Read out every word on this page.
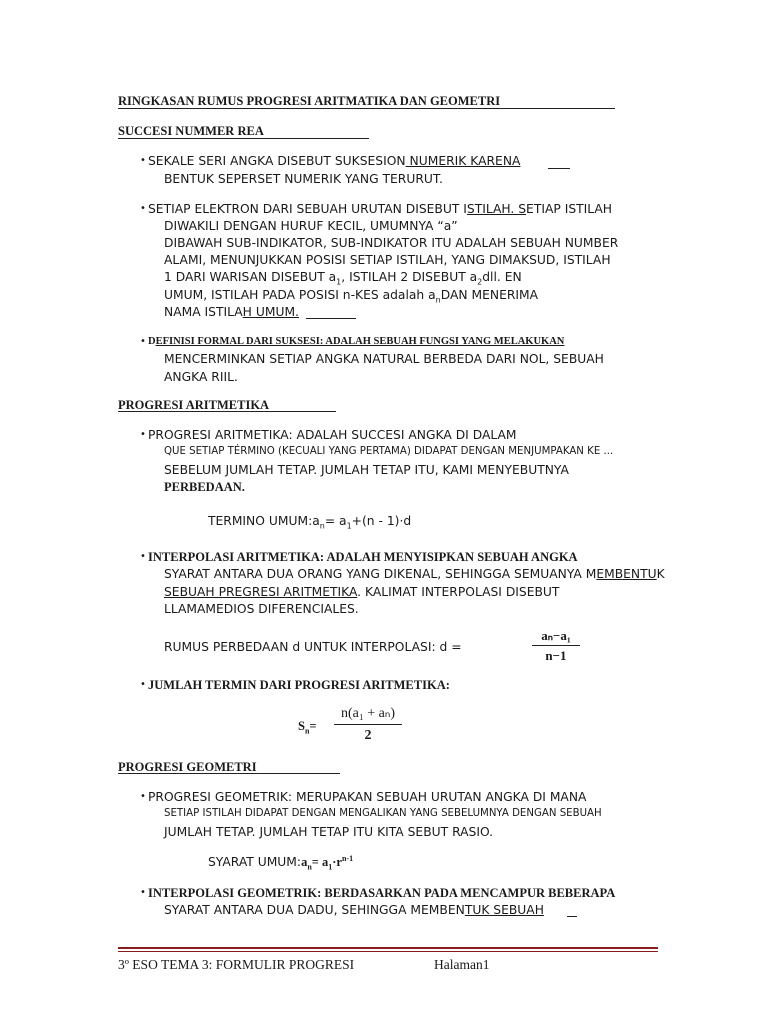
RINGKASAN RUMUS PROGRESI ARITMATIKA DAN GEOMETRI
SUCCESI NUMMER REA
• SEKALE SERI ANGKA DISEBUT SUKSESION NUMERIK KARENA
BENTUK SEPERSET NUMERIK YANG TERURUT.
• SETIAP ELEKTRON DARI SEBUAH URUTAN DISEBUT ISTILAH. SETIAP ISTILAH
DIWAKILI DENGAN HURUF KECIL, UMUMNYA “a”
DIBAWAH SUB-INDIKATOR, SUB-INDIKATOR ITU ADALAH SEBUAH NUMBER
ALAMI, MENUNJUKKAN POSISI SETIAP ISTILAH, YANG DIMAKSUD, ISTILAH
1 DARI WARISAN DISEBUT $a_1$, ISTILAH 2 DISEBUT $a_2dll$. EN
UMUM, ISTILAH PADA POSISI n-KES adalah $a_nDAN$ MENERIMA
NAMA ISTILAH UMUM.
• DEFINISI FORMAL DARI SUKSESI: ADALAH SEBUAH FUNGSI YANG MELAKUKAN
MENCERMINKAN SETIAP ANGKA NATURAL BERBEDA DARI NOL, SEBUAH
ANGKA RIIL.
PROGRESI ARITMETIKA
• PROGRESI ARITMETIKA: ADALAH SUCCESI ANGKA DI DALAM
QUE SETIAP TÉRMINO (KECUALI YANG PERTAMA) DIDAPAT DENGAN MENJUMPAKAN KE ...
SEBELUM JUMLAH TETAP. JUMLAH TETAP ITU, KAMI MENYEBUTNYA
PERBEDAAN.
TERMINO $UMUM:a_n= a_1+(n - 1)\cdot d$
• INTERPOLASI ARITMETIKA: ADALAH MENYISIPKAN SEBUAH ANGKA
SYARAT ANTARA DUA ORANG YANG DIKENAL, SEHINGGA SEMUANYA MEMBENTUK
SEBUAH PREGRESI ARITMETIKA. KALIMAT INTERPOLASI DISEBUT
LLAMAMEDIOS DIFERENCIALES.
RUMUS PERBEDAAN d UNTUK INTERPOLASI: d =
aₙ−a₁
n−1
• JUMLAH TERMIN DARI PROGRESI ARITMETIKA:
$S_n=$
n(a₁ + aₙ)
2
PROGRESI GEOMETRI
• PROGRESI GEOMETRIK: MERUPAKAN SEBUAH URUTAN ANGKA DI MANA
SETIAP ISTILAH DIDAPAT DENGAN MENGALIKAN YANG SEBELUMNYA DENGAN SEBUAH
JUMLAH TETAP. JUMLAH TETAP ITU KITA SEBUT RASIO.
SYARAT $UMUM:a_n= a_1\cdot r^{n-1}$
• INTERPOLASI GEOMETRIK: BERDASARKAN PADA MENCAMPUR BEBERAPA
SYARAT ANTARA DUA DADU, SEHINGGA MEMBENTUK SEBUAH
3º ESO TEMA 3: FORMULIR PROGRESI	Halaman1
